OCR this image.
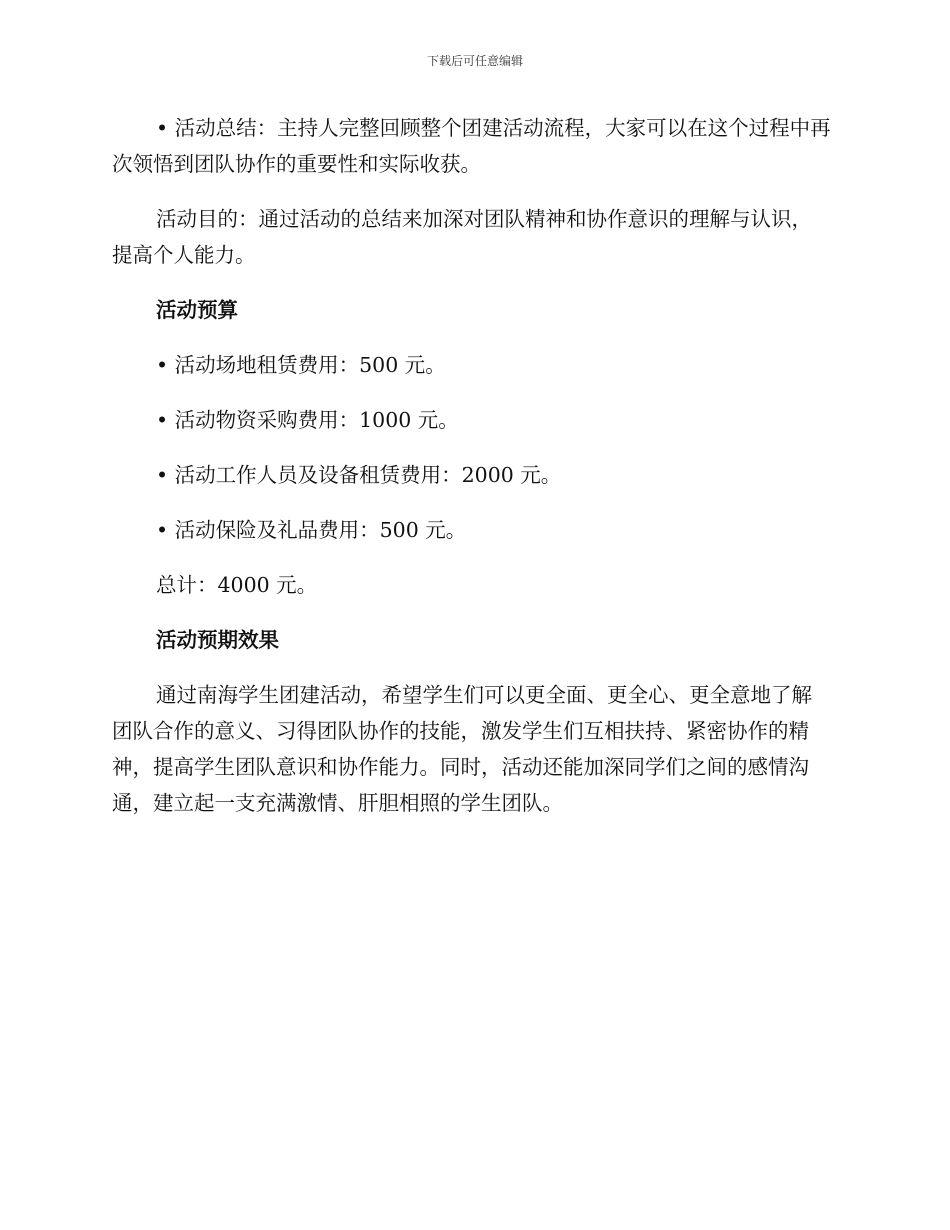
下载后可任意编辑

• 活动总结：主持人完整回顾整个团建活动流程，大家可以在这个过程中再次领悟到团队协作的重要性和实际收获。

活动目的：通过活动的总结来加深对团队精神和协作意识的理解与认识，提高个人能力。

活动预算

• 活动场地租赁费用：500 元。

• 活动物资采购费用：1000 元。

• 活动工作人员及设备租赁费用：2000 元。

• 活动保险及礼品费用：500 元。

总计：4000 元。

活动预期效果

通过南海学生团建活动，希望学生们可以更全面、更全心、更全意地了解团队合作的意义、习得团队协作的技能，激发学生们互相扶持、紧密协作的精神，提高学生团队意识和协作能力。同时，活动还能加深同学们之间的感情沟通，建立起一支充满激情、肝胆相照的学生团队。
